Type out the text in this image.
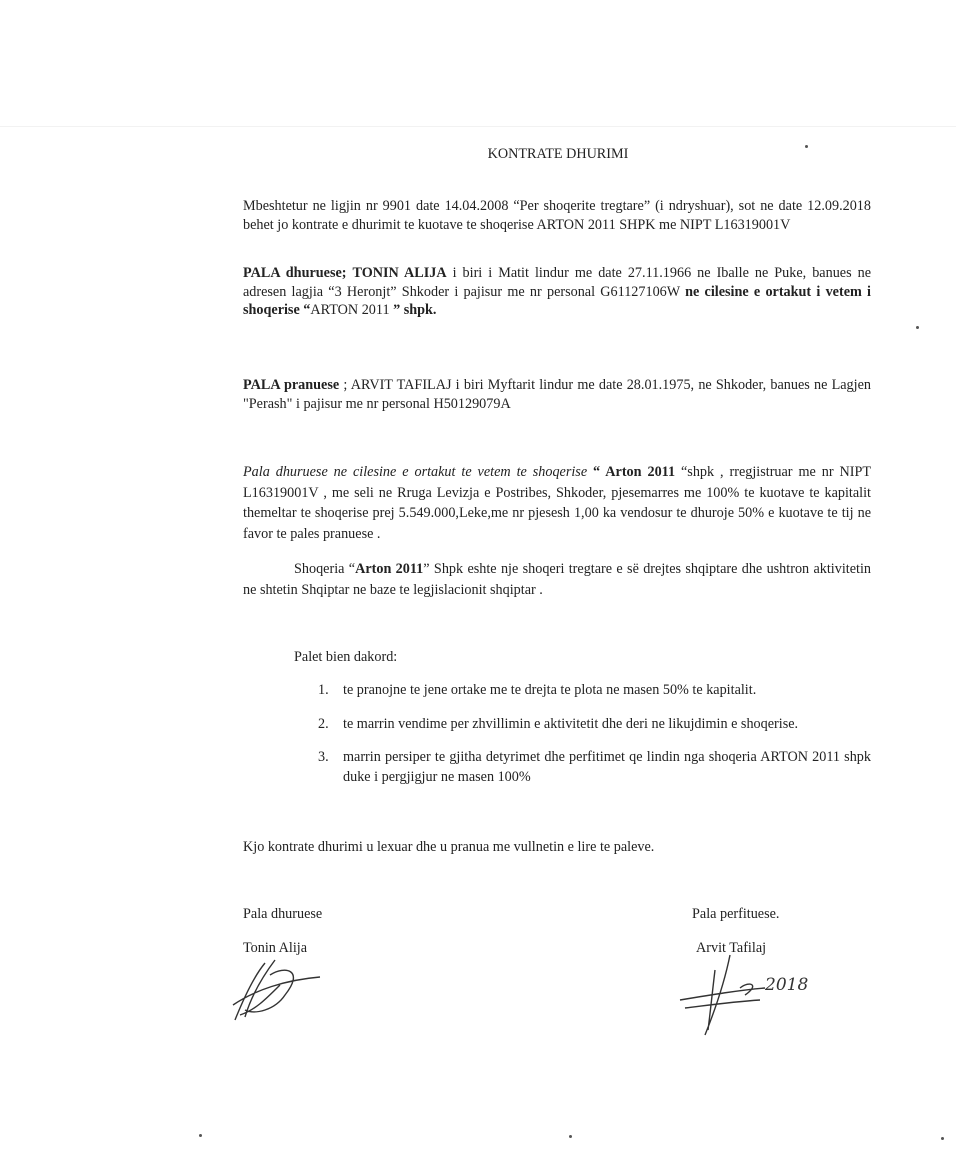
KONTRATE DHURIMI
Mbeshtetur ne ligjin nr 9901 date 14.04.2008 “Per shoqerite tregtare” (i ndryshuar), sot ne date 12.09.2018 behet jo kontrate e dhurimit te kuotave te shoqerise ARTON 2011 SHPK me NIPT L16319001V
PALA dhuruese; TONIN ALIJA i biri i Matit lindur me date 27.11.1966 ne Iballe ne Puke, banues ne adresen lagjia “3 Heronjt” Shkoder i pajisur me nr personal G61127106W ne cilesine e ortakut i vetem i shoqerise “ARTON 2011 ” shpk.
PALA pranuese ; ARVIT TAFILAJ i biri Myftarit lindur me date 28.01.1975, ne Shkoder, banues ne Lagjen "Perash" i pajisur me nr personal H50129079A
Pala dhuruese ne cilesine e ortakut te vetem te shoqerise “ Arton 2011 “shpk , rregjistruar me nr NIPT L16319001V , me seli ne Rruga Levizja e Postribes, Shkoder, pjesemarres me 100% te kuotave te kapitalit themeltar te shoqerise prej 5.549.000,Leke,me nr pjesesh 1,00 ka vendosur te dhuroje 50% e kuotave te tij ne favor te pales pranuese .
Shoqeria “Arton 2011” Shpk eshte nje shoqeri tregtare e së drejtes shqiptare dhe ushtron aktivitetin ne shtetin Shqiptar ne baze te legjislacionit shqiptar .
Palet bien dakord:
1. te pranojne te jene ortake me te drejta te plota ne masen 50% te kapitalit.
2. te marrin vendime per zhvillimin e aktivitetit dhe deri ne likujdimin e shoqerise.
3. marrin persiper te gjitha detyrimet dhe perfitimet qe lindin nga shoqeria ARTON 2011 shpk duke i pergjigjur ne masen 100%
Kjo kontrate dhurimi u lexuar dhe u pranua me vullnetin e lire te paleve.
Pala dhuruese
Tonin Alija
Pala perfituese.
Arvit Tafilaj
2018
